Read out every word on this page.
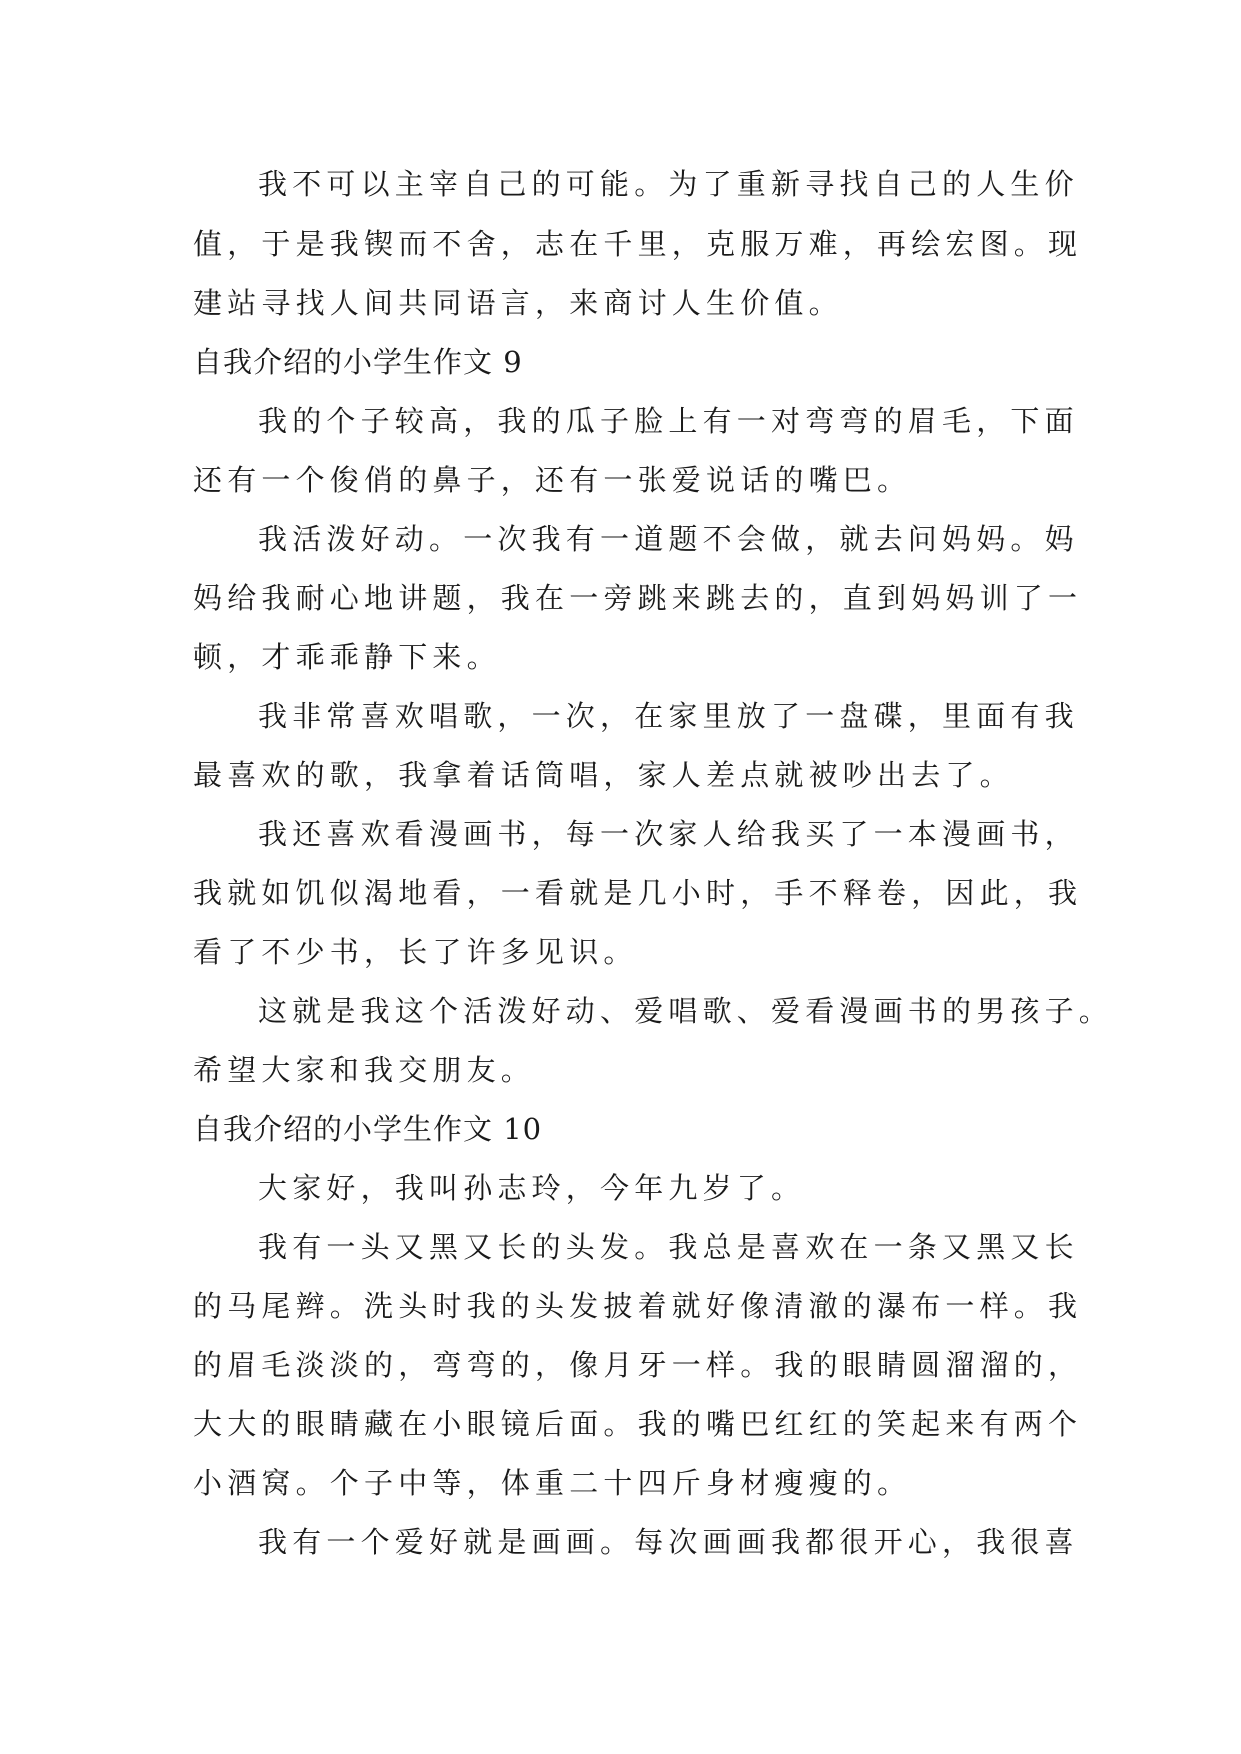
我不可以主宰自己的可能。为了重新寻找自己的人生价
值，于是我锲而不舍，志在千里，克服万难，再绘宏图。现
建站寻找人间共同语言，来商讨人生价值。
自我介绍的小学生作文 9
我的个子较高，我的瓜子脸上有一对弯弯的眉毛，下面
还有一个俊俏的鼻子，还有一张爱说话的嘴巴。
我活泼好动。一次我有一道题不会做，就去问妈妈。妈
妈给我耐心地讲题，我在一旁跳来跳去的，直到妈妈训了一
顿，才乖乖静下来。
我非常喜欢唱歌，一次，在家里放了一盘碟，里面有我
最喜欢的歌，我拿着话筒唱，家人差点就被吵出去了。
我还喜欢看漫画书，每一次家人给我买了一本漫画书，
我就如饥似渴地看，一看就是几小时，手不释卷，因此，我
看了不少书，长了许多见识。
这就是我这个活泼好动、爱唱歌、爱看漫画书的男孩子。
希望大家和我交朋友。
自我介绍的小学生作文 10
大家好，我叫孙志玲，今年九岁了。
我有一头又黑又长的头发。我总是喜欢在一条又黑又长
的马尾辫。洗头时我的头发披着就好像清澈的瀑布一样。我
的眉毛淡淡的，弯弯的，像月牙一样。我的眼睛圆溜溜的，
大大的眼睛藏在小眼镜后面。我的嘴巴红红的笑起来有两个
小酒窝。个子中等，体重二十四斤身材瘦瘦的。
我有一个爱好就是画画。每次画画我都很开心，我很喜
